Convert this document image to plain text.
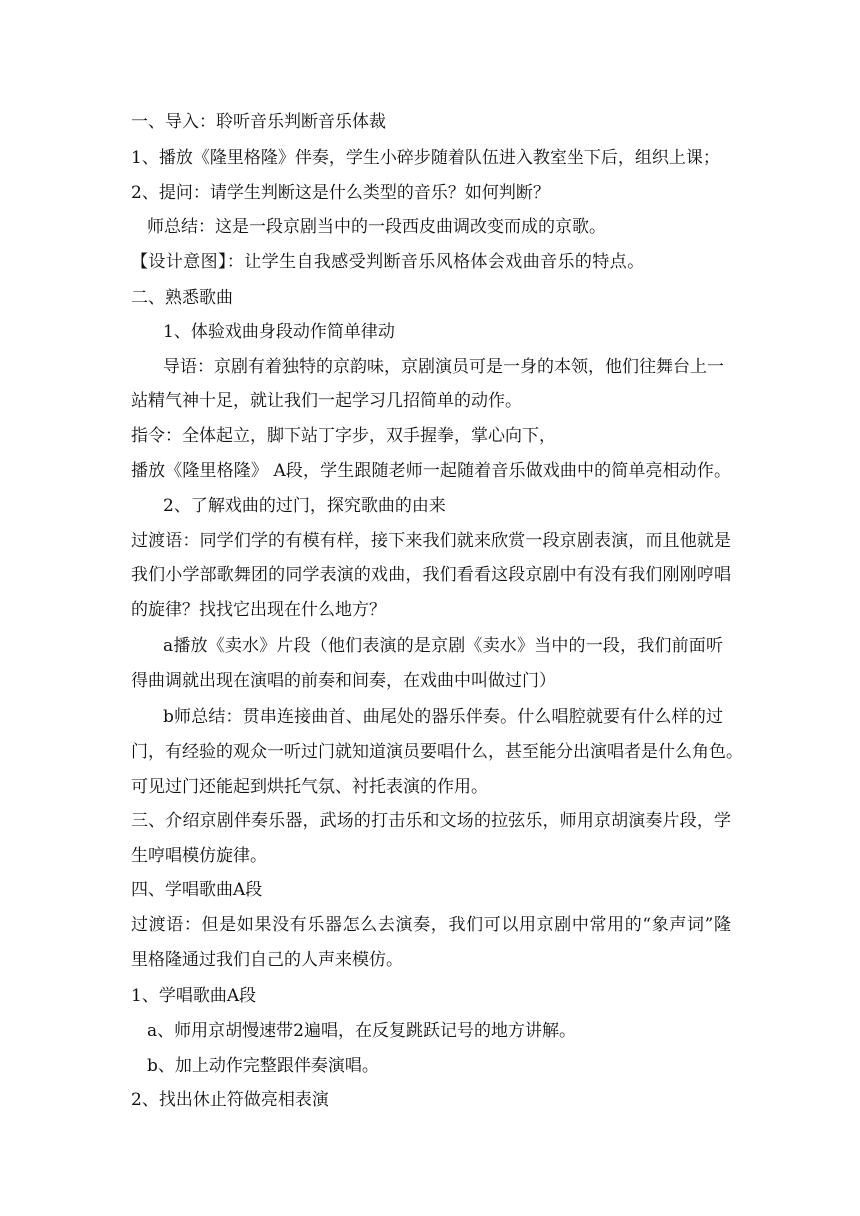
一、导入：聆听音乐判断音乐体裁
1、播放《隆里格隆》伴奏，学生小碎步随着队伍进入教室坐下后，组织上课；
2、提问：请学生判断这是什么类型的音乐？如何判断？
师总结：这是一段京剧当中的一段西皮曲调改变而成的京歌。
【设计意图】：让学生自我感受判断音乐风格体会戏曲音乐的特点。
二、熟悉歌曲
1、体验戏曲身段动作简单律动
导语：京剧有着独特的京韵味，京剧演员可是一身的本领，他们往舞台上一
站精气神十足，就让我们一起学习几招简单的动作。
指令：全体起立，脚下站丁字步，双手握拳，掌心向下，
播放《隆里格隆》 A段，学生跟随老师一起随着音乐做戏曲中的简单亮相动作。
2、了解戏曲的过门，探究歌曲的由来
过渡语：同学们学的有模有样，接下来我们就来欣赏一段京剧表演，而且他就是
我们小学部歌舞团的同学表演的戏曲，我们看看这段京剧中有没有我们刚刚哼唱
的旋律？找找它出现在什么地方？
a播放《卖水》片段（他们表演的是京剧《卖水》当中的一段，我们前面听
得曲调就出现在演唱的前奏和间奏，在戏曲中叫做过门）
b师总结：贯串连接曲首、曲尾处的器乐伴奏。什么唱腔就要有什么样的过
门，有经验的观众一听过门就知道演员要唱什么，甚至能分出演唱者是什么角色。
可见过门还能起到烘托气氛、衬托表演的作用。
三、介绍京剧伴奏乐器，武场的打击乐和文场的拉弦乐，师用京胡演奏片段，学
生哼唱模仿旋律。
四、学唱歌曲A段
过渡语：但是如果没有乐器怎么去演奏，我们可以用京剧中常用的“象声词”隆
里格隆通过我们自己的人声来模仿。
1、学唱歌曲A段
a、师用京胡慢速带2遍唱，在反复跳跃记号的地方讲解。
b、加上动作完整跟伴奏演唱。
2、找出休止符做亮相表演
